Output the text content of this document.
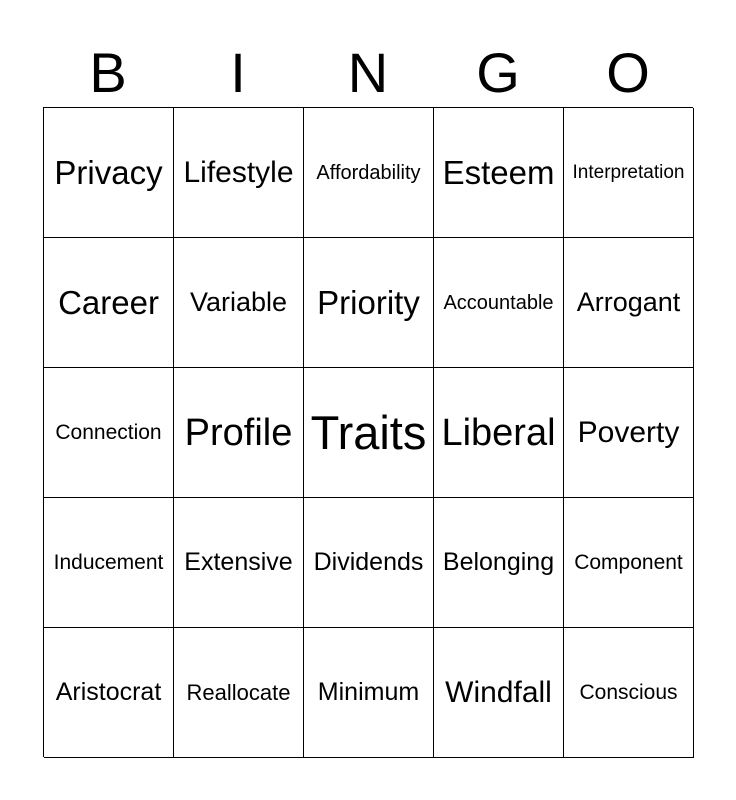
B	I	N	G	O
Privacy Lifestyle	Affordability Esteem Interpretation
Career	Variable Priority	Accountable Arrogant
Connection Profile Traits Liberal Poverty
Inducement Extensive Dividends Belonging Component
Aristocrat	Reallocate	Minimum Windfall	Conscious
